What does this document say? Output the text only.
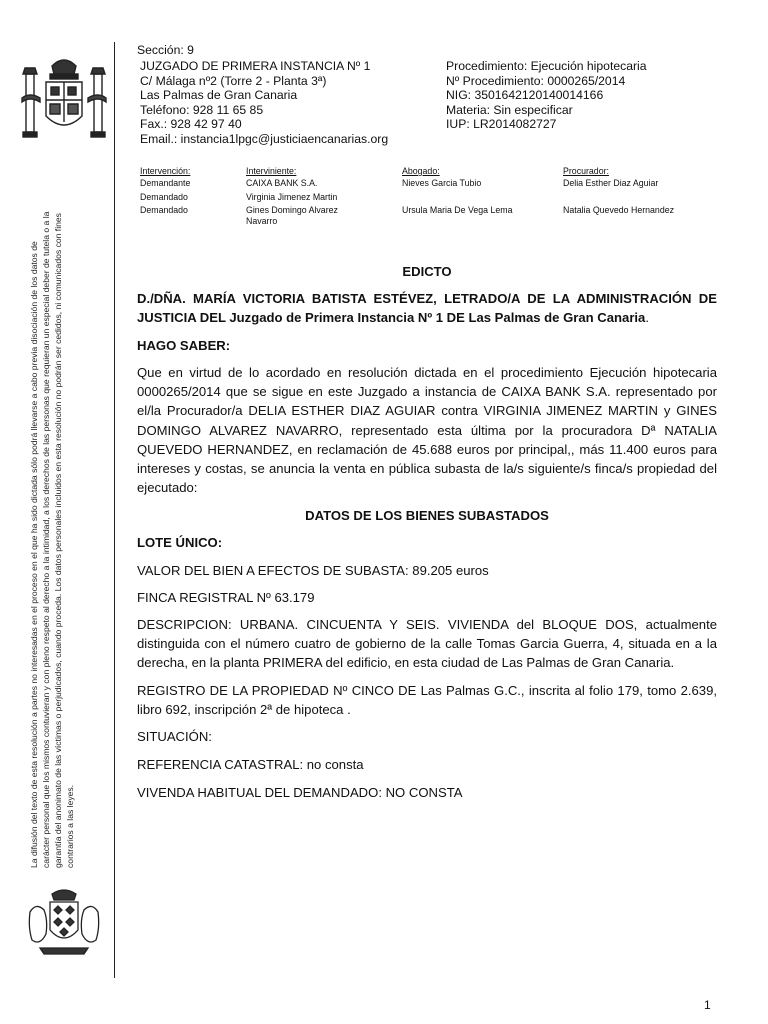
La difusión del texto de esta resolución a partes no interesadas en el proceso en el que ha sido dictada sólo podrá llevarse a cabo previa disociación de los datos de carácter personal que los mismos contuvieran y con pleno respeto al derecho a la intimidad, a los derechos de las personas que requieran un especial deber de tutela o a la garantía del anonimato de las víctimas o perjudicados, cuando proceda. Los datos personales incluidos en esta resolución no podrán ser cedidos, ni comunicados con fines contrarios a las leyes.
Sección: 9
JUZGADO DE PRIMERA INSTANCIA Nº 1
C/ Málaga nº2 (Torre 2 - Planta 3ª)
Las Palmas de Gran Canaria
Teléfono: 928 11 65 85
Fax.: 928 42 97 40
Email.: instancia1lpgc@justiciaencanarias.org
Procedimiento: Ejecución hipotecaria
Nº Procedimiento: 0000265/2014
NIG: 3501642120140014166
Materia: Sin especificar
IUP: LR2014082727
Intervención:	Interviniente:	Abogado:	Procurador:
Demandante	CAIXA BANK S.A.	Nieves Garcia Tubio	Delia Esther Diaz Aguiar
Demandado	Virginia Jimenez Martin
Demandado	Gines Domingo Alvarez	Ursula Maria De Vega Lema	Natalia Quevedo Hernandez
Navarro
EDICTO
D./DÑA. MARÍA VICTORIA BATISTA ESTÉVEZ, LETRADO/A DE LA ADMINISTRACIÓN DE JUSTICIA DEL Juzgado de Primera Instancia Nº 1 DE Las Palmas de Gran Canaria.
HAGO SABER:
Que en virtud de lo acordado en resolución dictada en el procedimiento Ejecución hipotecaria 0000265/2014 que se sigue en este Juzgado a instancia de CAIXA BANK S.A. representado por el/la Procurador/a DELIA ESTHER DIAZ AGUIAR contra VIRGINIA JIMENEZ MARTIN y GINES DOMINGO ALVAREZ NAVARRO, representado esta última por la procuradora Dª NATALIA QUEVEDO HERNANDEZ, en reclamación de 45.688 euros por principal,, más 11.400 euros para intereses y costas, se anuncia la venta en pública subasta de la/s siguiente/s finca/s propiedad del ejecutado:
DATOS DE LOS BIENES SUBASTADOS
LOTE ÚNICO:
VALOR DEL BIEN A EFECTOS DE SUBASTA: 89.205 euros
FINCA REGISTRAL Nº 63.179
DESCRIPCION: URBANA. CINCUENTA Y SEIS. VIVIENDA del BLOQUE DOS, actualmente distinguida con el número cuatro de gobierno de la calle Tomas Garcia Guerra, 4, situada en a la derecha, en la planta PRIMERA del edificio, en esta ciudad de Las Palmas de Gran Canaria.
REGISTRO DE LA PROPIEDAD Nº CINCO DE Las Palmas G.C., inscrita al folio 179, tomo 2.639, libro 692, inscripción 2ª de hipoteca .
SITUACIÓN:
REFERENCIA CATASTRAL: no consta
VIVENDA HABITUAL DEL DEMANDADO: NO CONSTA
1
